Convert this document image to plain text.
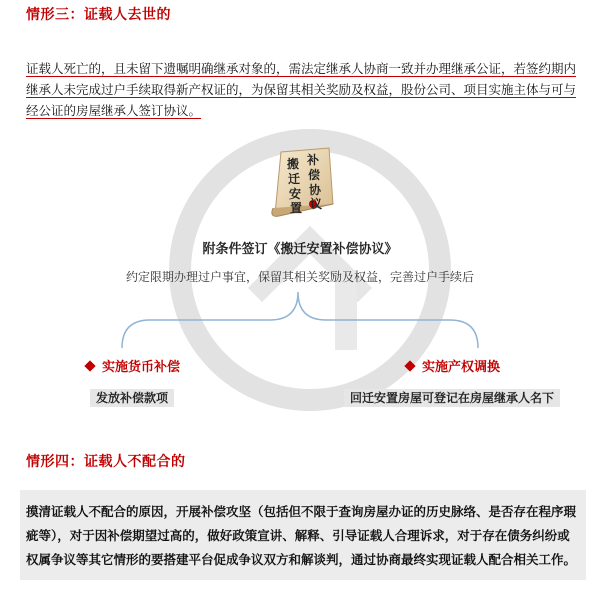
情形三：证载人去世的

证载人死亡的，且未留下遗嘱明确继承对象的，需法定继承人协商一致并办理继承公证，若签约期内

继承人未完成过户手续取得新产权证的，为保留其相关奖励及权益，股份公司、项目实施主体与可与

经公证的房屋继承人签订协议。

搬
迁
安
置
补
偿
协
议
附条件签订《搬迁安置补偿协议》
约定限期办理过户事宜，保留其相关奖励及权益，完善过户手续后
实施货币补偿	实施产权调换
发放补偿款项	回迁安置房屋可登记在房屋继承人名下
情形四：证载人不配合的

摸清证载人不配合的原因，开展补偿攻坚（包括但不限于查询房屋办证的历史脉络、是否存在程序瑕

疵等），对于因补偿期望过高的，做好政策宣讲、解释、引导证载人合理诉求，对于存在债务纠纷或

权属争议等其它情形的要搭建平台促成争议双方和解谈判，通过协商最终实现证载人配合相关工作。
